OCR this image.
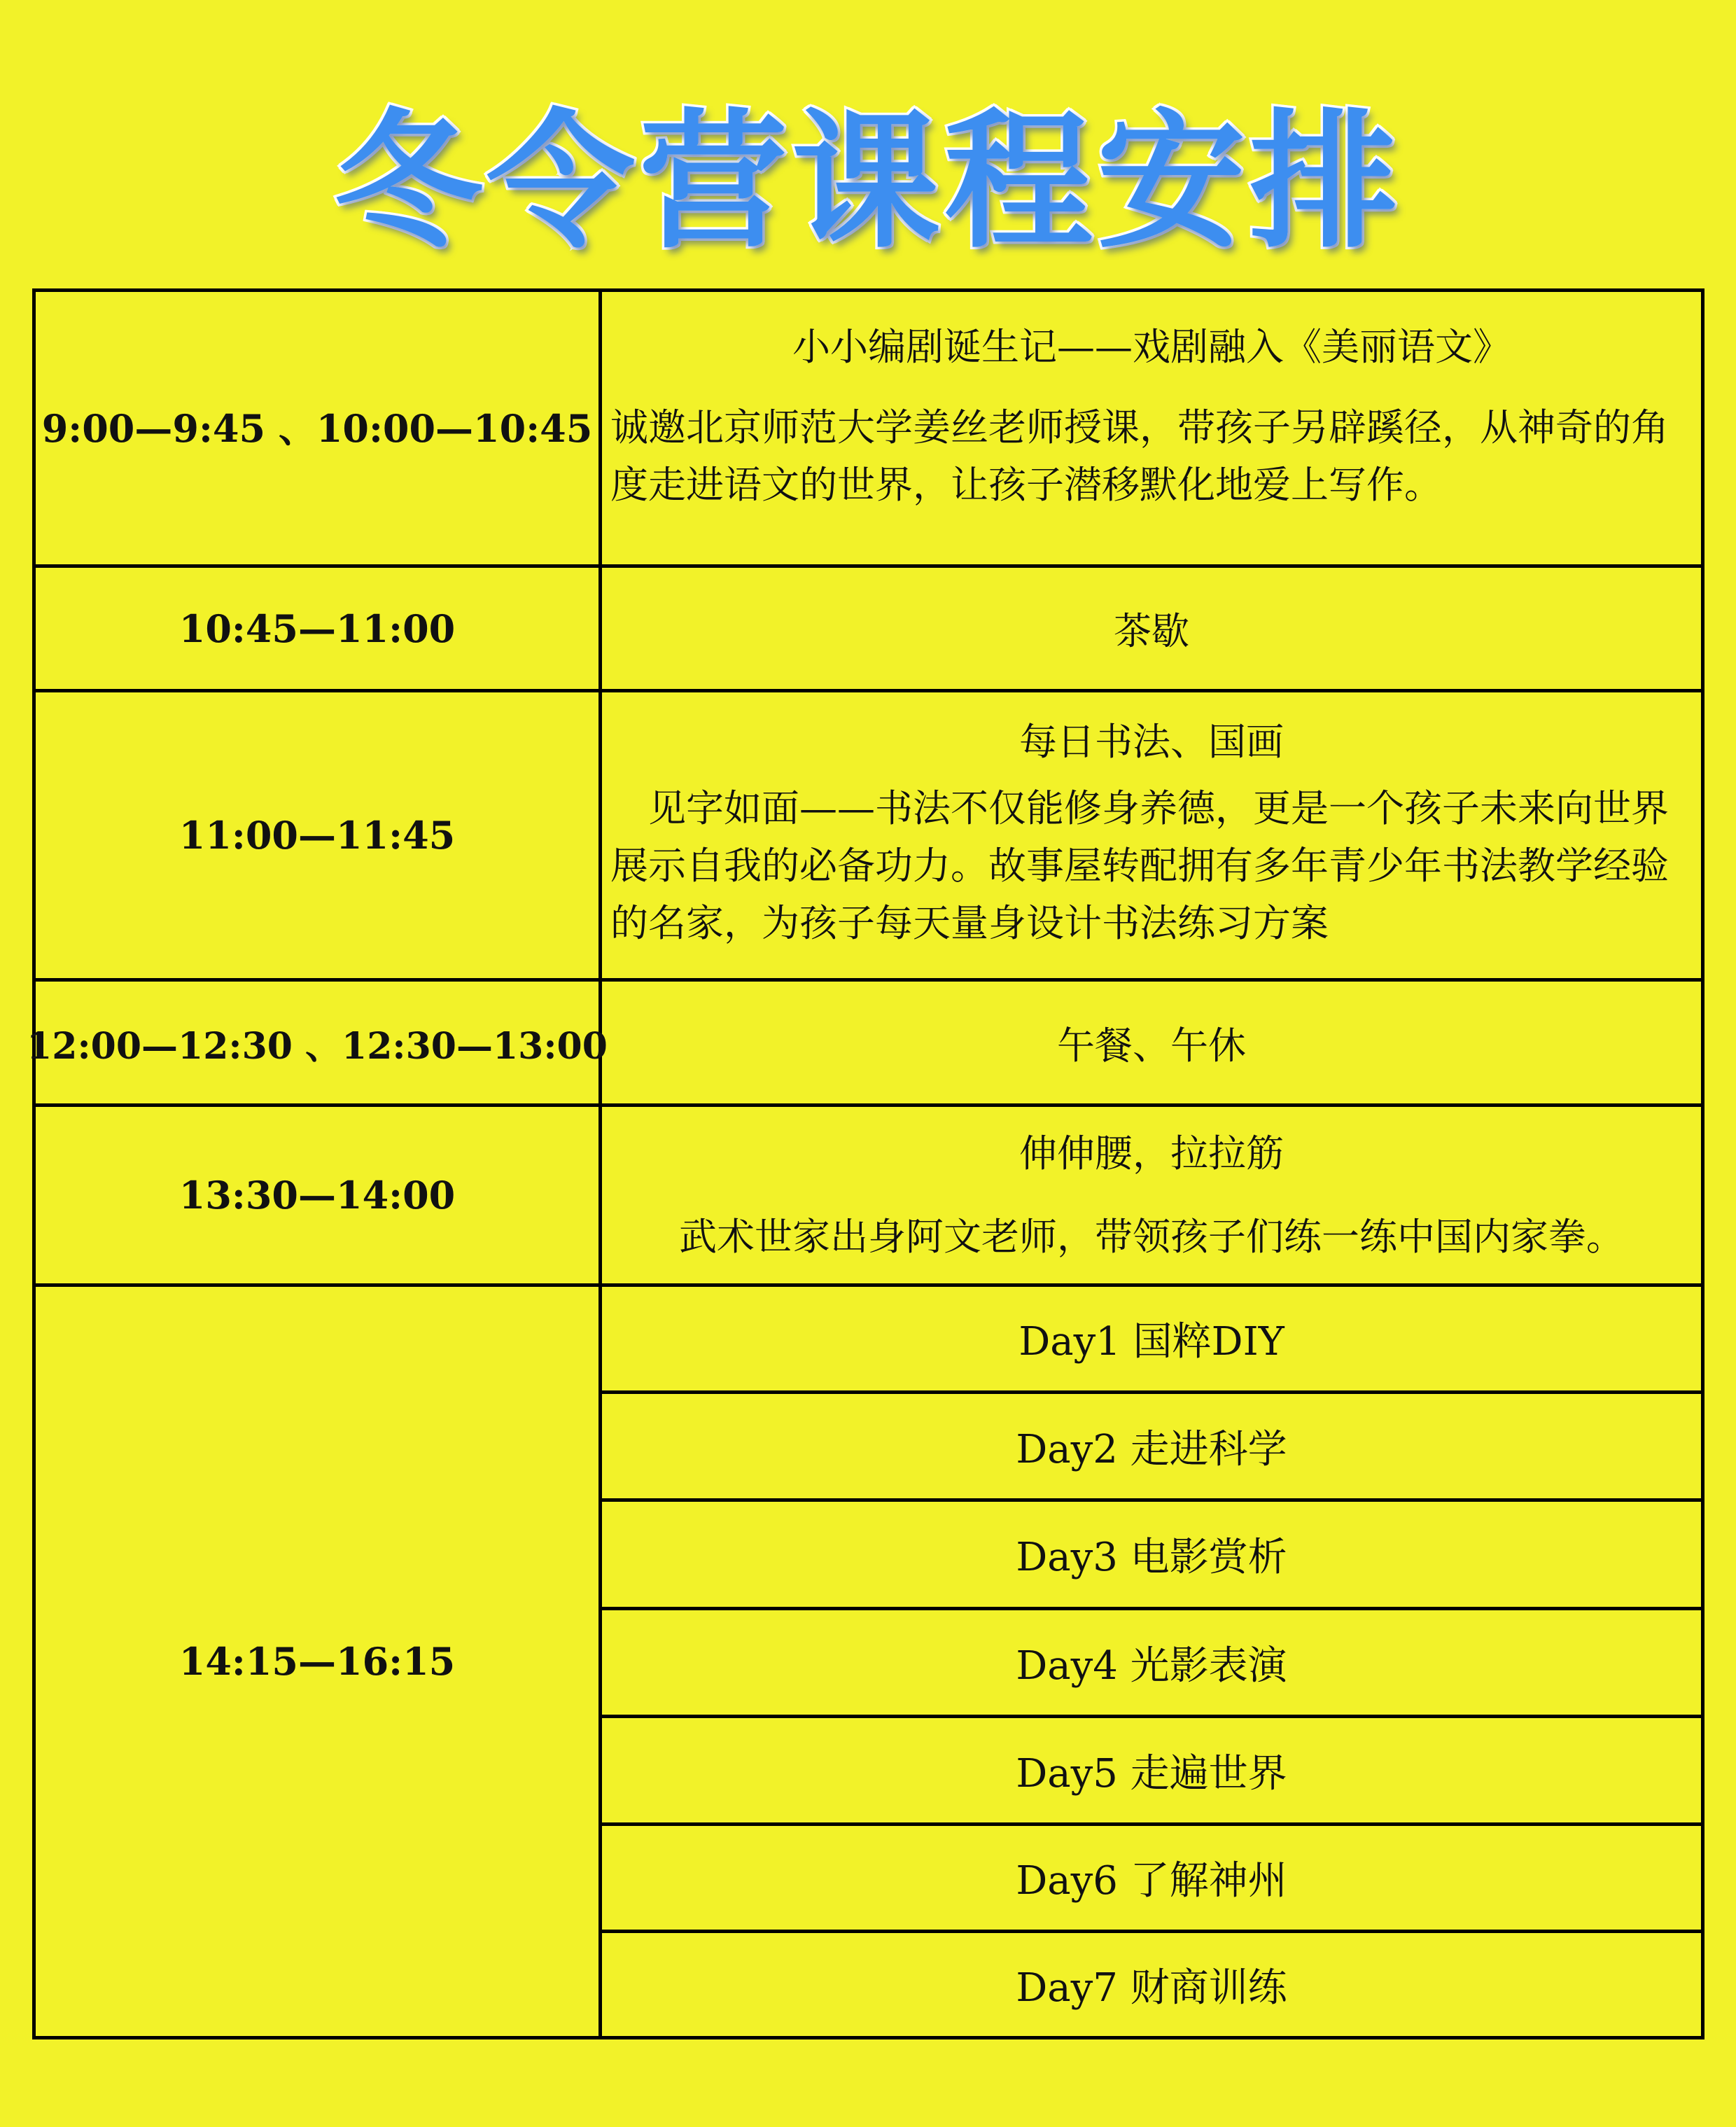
冬令营课程安排
9:00—9:45 、10:00—10:45
小小编剧诞生记——戏剧融入《美丽语文》
诚邀北京师范大学姜丝老师授课，带孩子另辟蹊径，从神奇的角度走进语文的世界，让孩子潜移默化地爱上写作。
10:45—11:00	茶歇
11:00—11:45
每日书法、国画
见字如面——书法不仅能修身养德，更是一个孩子未来向世界展示自我的必备功力。故事屋转配拥有多年青少年书法教学经验的名家，为孩子每天量身设计书法练习方案
12:00—12:30 、12:30—13:00	午餐、午休
13:30—14:00
伸伸腰，拉拉筋
武术世家出身阿文老师，带领孩子们练一练中国内家拳。
14:15—16:15
Day1 国粹DIY
Day2 走进科学
Day3 电影赏析
Day4 光影表演
Day5 走遍世界
Day6 了解神州
Day7 财商训练
